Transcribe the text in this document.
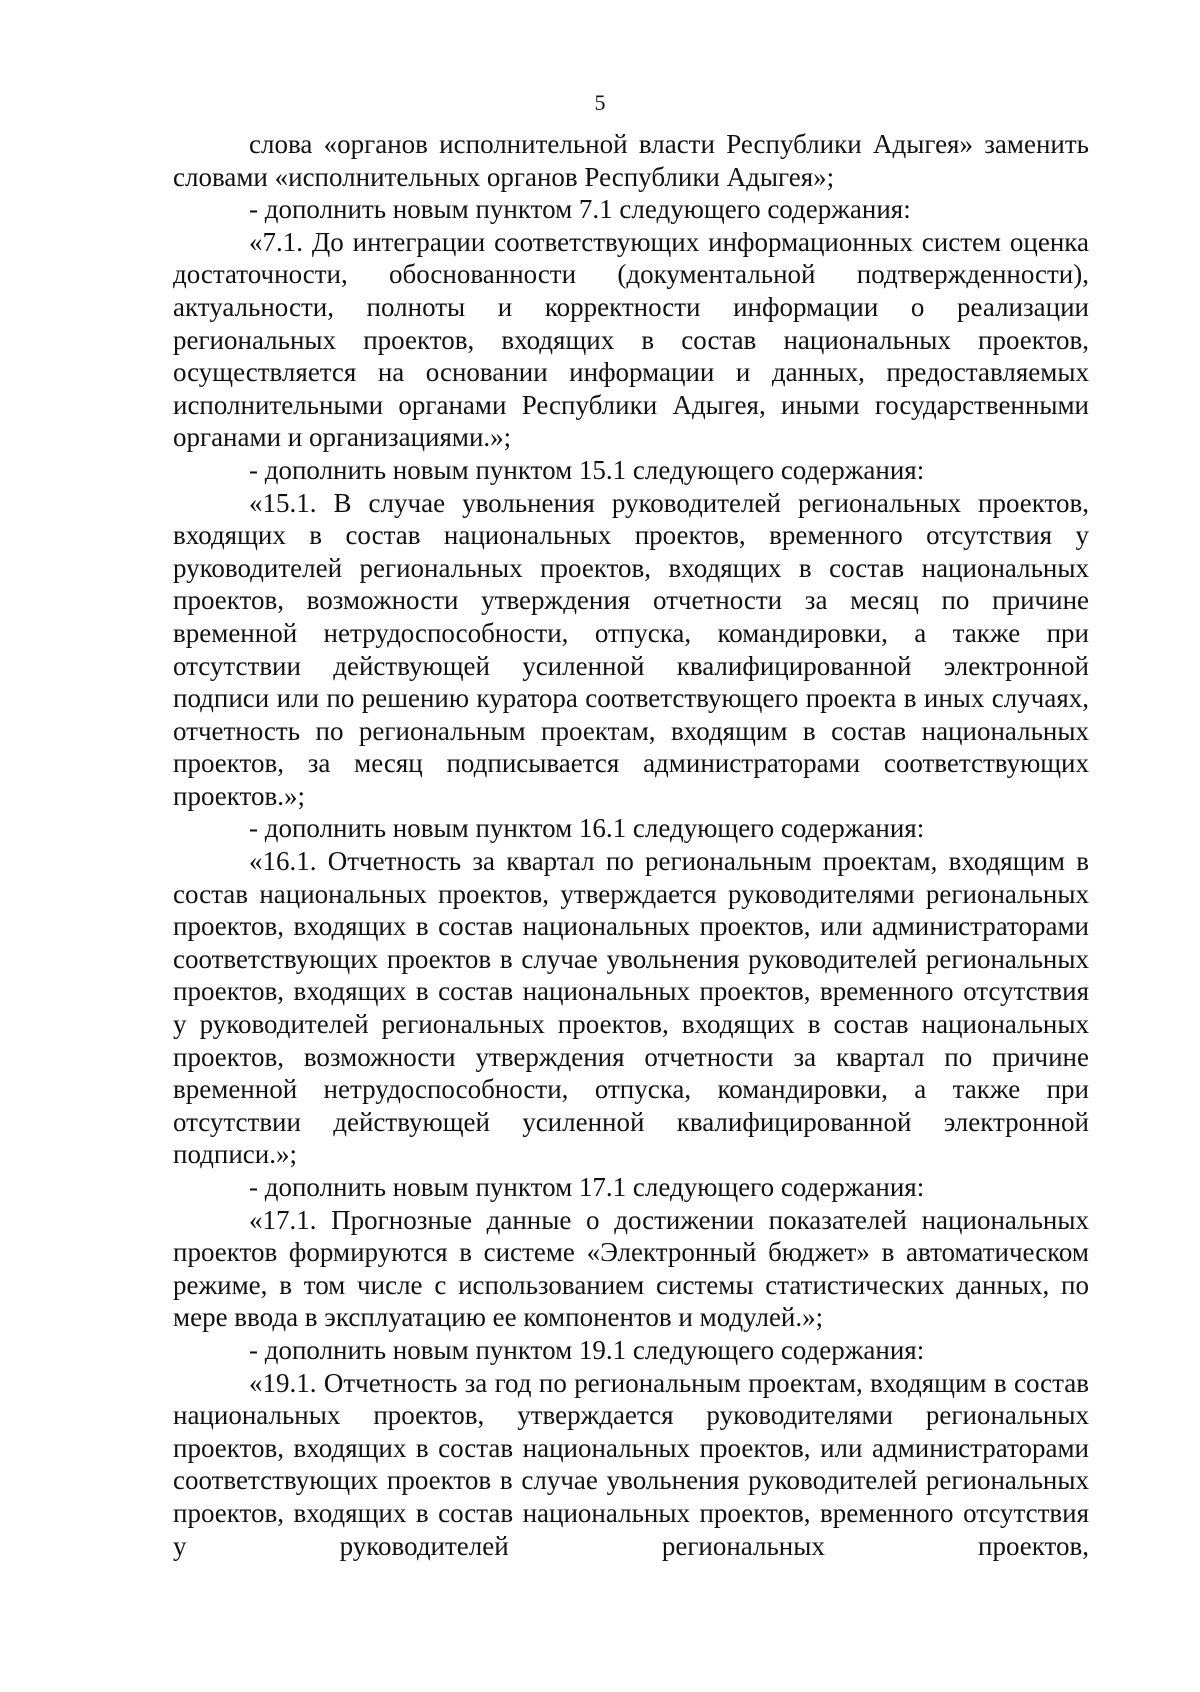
5

слова «органов исполнительной власти Республики Адыгея» заменить словами «исполнительных органов Республики Адыгея»;

- дополнить новым пунктом 7.1 следующего содержания:

«7.1. До интеграции соответствующих информационных систем оценка достаточности, обоснованности (документальной подтвержденности), актуальности, полноты и корректности информации о реализации региональных проектов, входящих в состав национальных проектов, осуществляется на основании информации и данных, предоставляемых исполнительными органами Республики Адыгея, иными государственными органами и организациями.»;

- дополнить новым пунктом 15.1 следующего содержания:

«15.1. В случае увольнения руководителей региональных проектов, входящих в состав национальных проектов, временного отсутствия у руководителей региональных проектов, входящих в состав национальных проектов, возможности утверждения отчетности за месяц по причине временной нетрудоспособности, отпуска, командировки, а также при отсутствии действующей усиленной квалифицированной электронной подписи или по решению куратора соответствующего проекта в иных случаях, отчетность по региональным проектам, входящим в состав национальных проектов, за месяц подписывается администраторами соответствующих проектов.»;

- дополнить новым пунктом 16.1 следующего содержания:

«16.1. Отчетность за квартал по региональным проектам, входящим в состав национальных проектов, утверждается руководителями региональных проектов, входящих в состав национальных проектов, или администраторами соответствующих проектов в случае увольнения руководителей региональных проектов, входящих в состав национальных проектов, временного отсутствия у руководителей региональных проектов, входящих в состав национальных проектов, возможности утверждения отчетности за квартал по причине временной нетрудоспособности, отпуска, командировки, а также при отсутствии действующей усиленной квалифицированной электронной подписи.»;

- дополнить новым пунктом 17.1 следующего содержания:

«17.1. Прогнозные данные о достижении показателей национальных проектов формируются в системе «Электронный бюджет» в автоматическом режиме, в том числе с использованием системы статистических данных, по мере ввода в эксплуатацию ее компонентов и модулей.»;

- дополнить новым пунктом 19.1 следующего содержания:

«19.1. Отчетность за год по региональным проектам, входящим в состав национальных проектов, утверждается руководителями региональных проектов, входящих в состав национальных проектов, или администраторами соответствующих проектов в случае увольнения руководителей региональных проектов, входящих в состав национальных проектов, временного отсутствия у руководителей региональных проектов,
